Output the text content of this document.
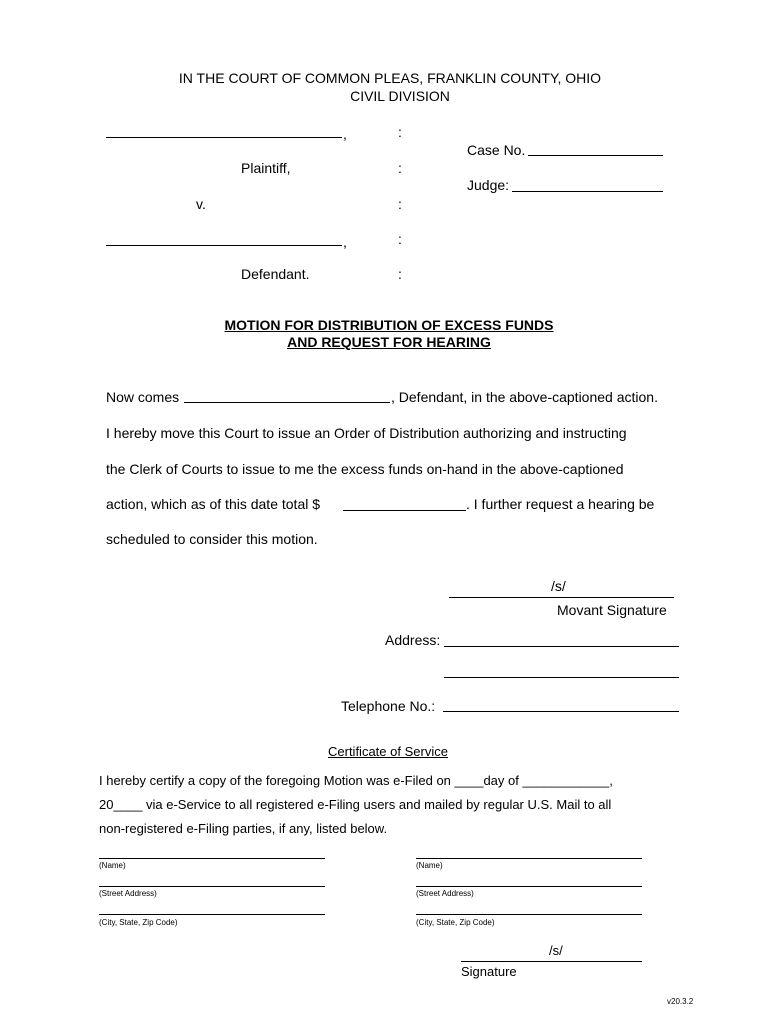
IN THE COURT OF COMMON PLEAS, FRANKLIN COUNTY, OHIO
CIVIL DIVISION
,
Plaintiff,
v.
,
Defendant.
:
:
:
:
:
Case No.
Judge:
MOTION FOR DISTRIBUTION OF EXCESS FUNDS
AND REQUEST FOR HEARING
Now comes	, Defendant, in the above-captioned action.
I hereby move this Court to issue an Order of Distribution authorizing and instructing
the Clerk of Courts to issue to me the excess funds on-hand in the above-captioned
action, which as of this date total $	. I further request a hearing be
scheduled to consider this motion.
/s/
Movant Signature
Address:
Telephone No.:
Certificate of Service
I hereby certify a copy of the foregoing Motion was e-Filed on ____day of ____________,
20____ via e-Service to all registered e-Filing users and mailed by regular U.S. Mail to all
non-registered e-Filing parties, if any, listed below.
(Name)
(Street Address)
(City, State, Zip Code)
(Name)
(Street Address)
(City, State, Zip Code)
/s/
Signature
v20.3.2
